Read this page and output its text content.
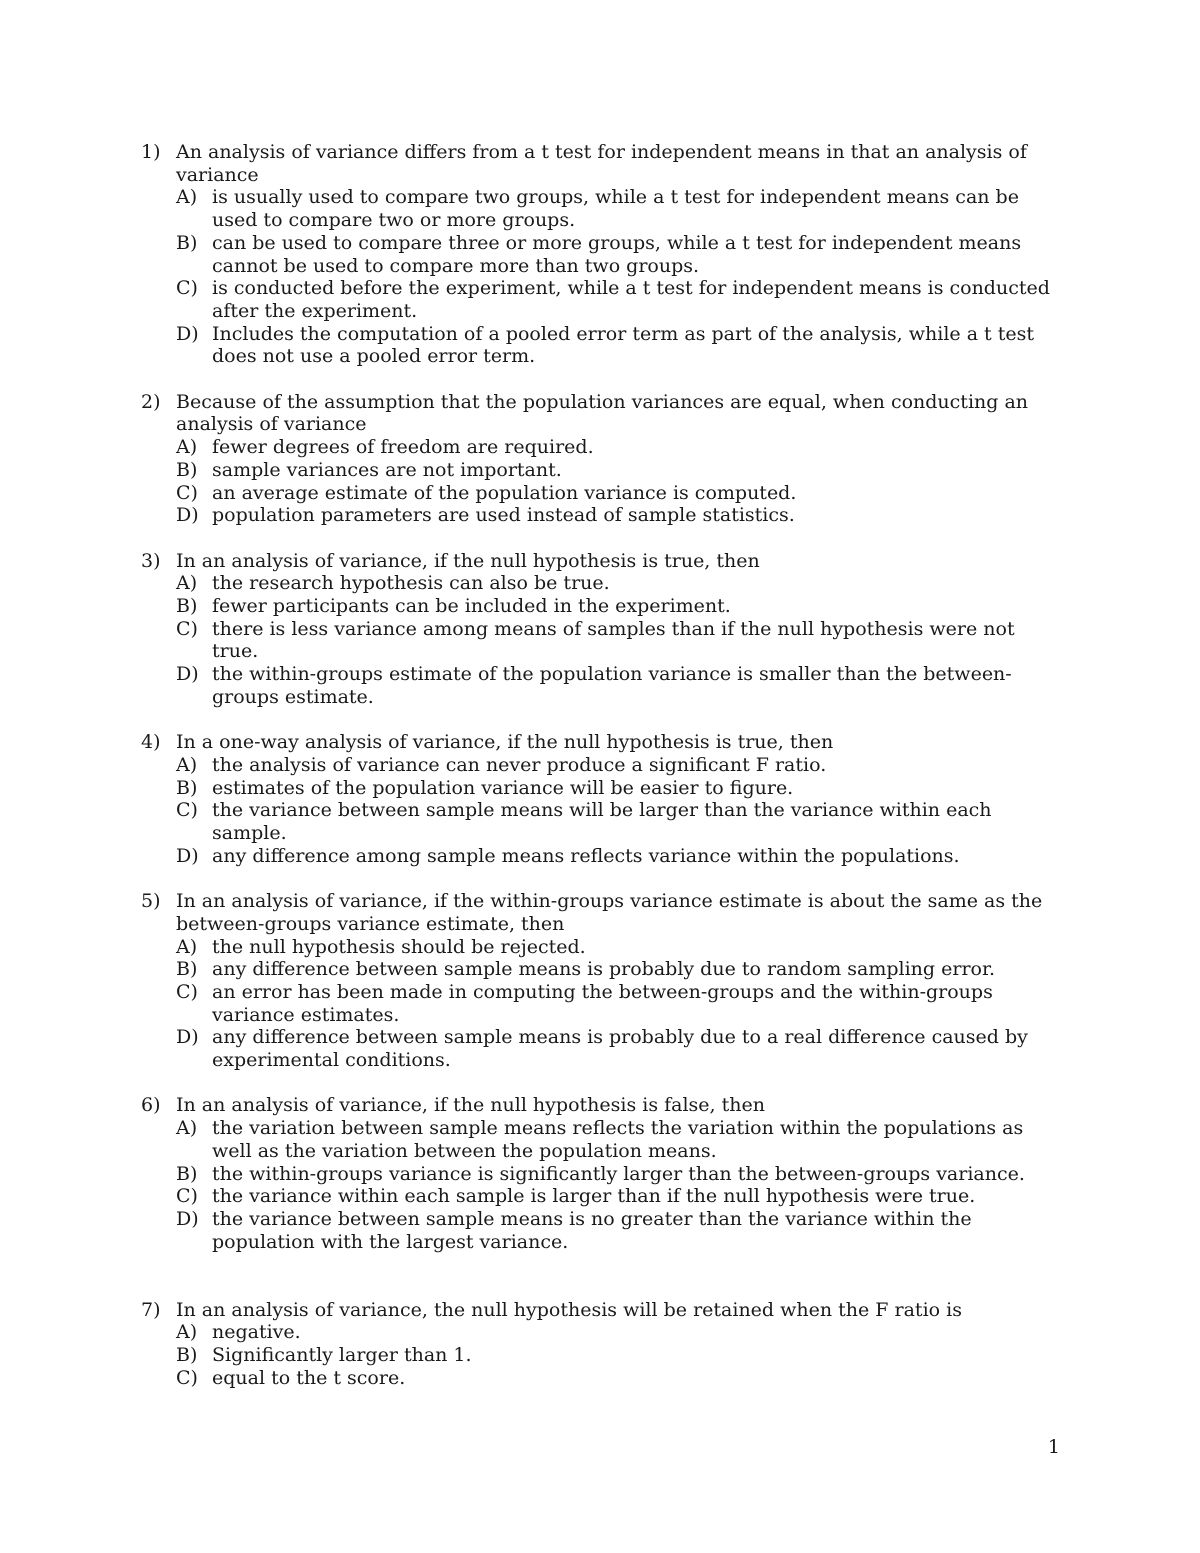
1) An analysis of variance differs from a t test for independent means in that an analysis of variance
A) is usually used to compare two groups, while a t test for independent means can be used to compare two or more groups.
B) can be used to compare three or more groups, while a t test for independent means cannot be used to compare more than two groups.
C) is conducted before the experiment, while a t test for independent means is conducted after the experiment.
D) Includes the computation of a pooled error term as part of the analysis, while a t test does not use a pooled error term.
2) Because of the assumption that the population variances are equal, when conducting an analysis of variance
A) fewer degrees of freedom are required.
B) sample variances are not important.
C) an average estimate of the population variance is computed.
D) population parameters are used instead of sample statistics.
3) In an analysis of variance, if the null hypothesis is true, then
A) the research hypothesis can also be true.
B) fewer participants can be included in the experiment.
C) there is less variance among means of samples than if the null hypothesis were not true.
D) the within-groups estimate of the population variance is smaller than the between-groups estimate.
4) In a one-way analysis of variance, if the null hypothesis is true, then
A) the analysis of variance can never produce a significant F ratio.
B) estimates of the population variance will be easier to figure.
C) the variance between sample means will be larger than the variance within each sample.
D) any difference among sample means reflects variance within the populations.
5) In an analysis of variance, if the within-groups variance estimate is about the same as the between-groups variance estimate, then
A) the null hypothesis should be rejected.
B) any difference between sample means is probably due to random sampling error.
C) an error has been made in computing the between-groups and the within-groups variance estimates.
D) any difference between sample means is probably due to a real difference caused by experimental conditions.
6) In an analysis of variance, if the null hypothesis is false, then
A) the variation between sample means reflects the variation within the populations as well as the variation between the population means.
B) the within-groups variance is significantly larger than the between-groups variance.
C) the variance within each sample is larger than if the null hypothesis were true.
D) the variance between sample means is no greater than the variance within the population with the largest variance.
7) In an analysis of variance, the null hypothesis will be retained when the F ratio is
A) negative.
B) Significantly larger than 1.
C) equal to the t score.
1
